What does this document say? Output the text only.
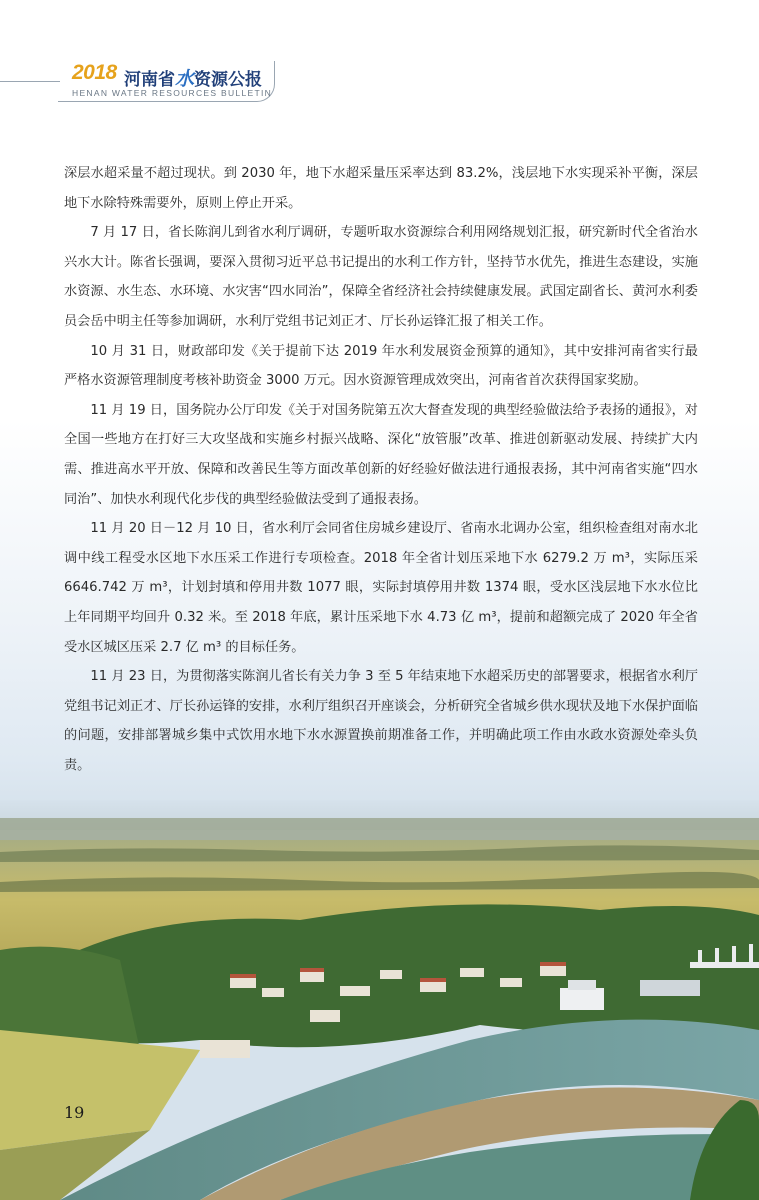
2018 河南省水资源公报
HENAN WATER RESOURCES BULLETIN

深层水超采量不超过现状。到 2030 年，地下水超采量压采率达到 83.2%，浅层地下水实现采补平衡，深层地下水除特殊需要外，原则上停止开采。

7 月 17 日，省长陈润儿到省水利厅调研，专题听取水资源综合利用网络规划汇报，研究新时代全省治水兴水大计。陈省长强调，要深入贯彻习近平总书记提出的水利工作方针，坚持节水优先，推进生态建设，实施水资源、水生态、水环境、水灾害“四水同治”，保障全省经济社会持续健康发展。武国定副省长、黄河水利委员会岳中明主任等参加调研，水利厅党组书记刘正才、厅长孙运锋汇报了相关工作。

10 月 31 日，财政部印发《关于提前下达 2019 年水利发展资金预算的通知》，其中安排河南省实行最严格水资源管理制度考核补助资金 3000 万元。因水资源管理成效突出，河南省首次获得国家奖励。

11 月 19 日，国务院办公厅印发《关于对国务院第五次大督查发现的典型经验做法给予表扬的通报》，对全国一些地方在打好三大攻坚战和实施乡村振兴战略、深化“放管服”改革、推进创新驱动发展、持续扩大内需、推进高水平开放、保障和改善民生等方面改革创新的好经验好做法进行通报表扬，其中河南省实施“四水同治”、加快水利现代化步伐的典型经验做法受到了通报表扬。

11 月 20 日－12 月 10 日，省水利厅会同省住房城乡建设厅、省南水北调办公室，组织检查组对南水北调中线工程受水区地下水压采工作进行专项检查。2018 年全省计划压采地下水 6279.2 万 m³，实际压采 6646.742 万 m³，计划封填和停用井数 1077 眼，实际封填停用井数 1374 眼，受水区浅层地下水水位比上年同期平均回升 0.32 米。至 2018 年底，累计压采地下水 4.73 亿 m³，提前和超额完成了 2020 年全省受水区城区压采 2.7 亿 m³ 的目标任务。

11 月 23 日，为贯彻落实陈润儿省长有关力争 3 至 5 年结束地下水超采历史的部署要求，根据省水利厅党组书记刘正才、厅长孙运锋的安排，水利厅组织召开座谈会，分析研究全省城乡供水现状及地下水保护面临的问题，安排部署城乡集中式饮用水地下水水源置换前期准备工作，并明确此项工作由水政水资源处牵头负责。

19
